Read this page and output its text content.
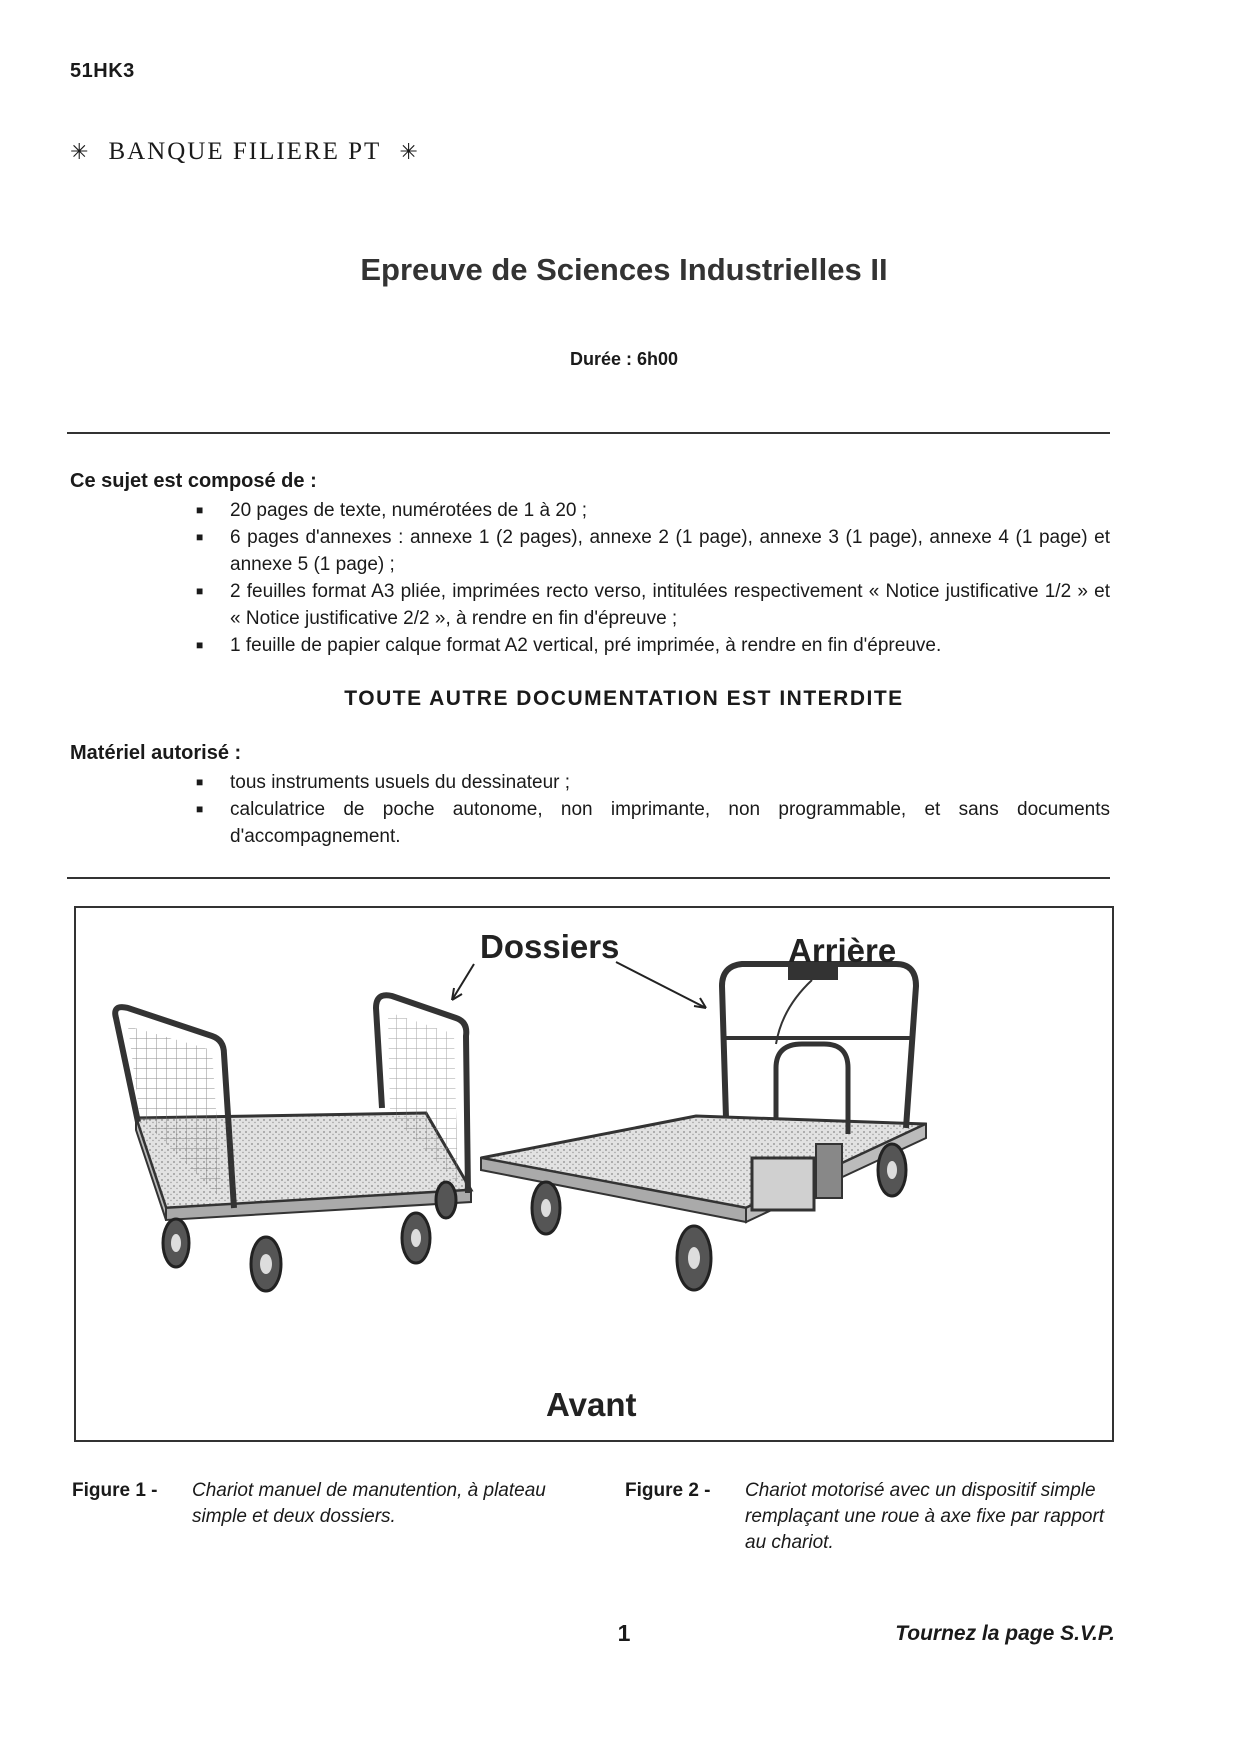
51HK3
✳ BANQUE FILIERE PT ✳
Epreuve de Sciences Industrielles II
Durée : 6h00
Ce sujet est composé de :
■ 20 pages de texte, numérotées de 1 à 20 ;
■ 6 pages d'annexes : annexe 1 (2 pages), annexe 2 (1 page), annexe 3 (1 page), annexe 4 (1 page) et annexe 5 (1 page) ;
■ 2 feuilles format A3 pliée, imprimées recto verso, intitulées respectivement « Notice justificative 1/2 » et « Notice justificative 2/2 », à rendre en fin d'épreuve ;
■ 1 feuille de papier calque format A2 vertical, pré imprimée, à rendre en fin d'épreuve.
TOUTE AUTRE DOCUMENTATION EST INTERDITE
Matériel autorisé :
■ tous instruments usuels du dessinateur ;
■ calculatrice de poche autonome, non imprimante, non programmable, et sans documents d'accompagnement.
Dossiers	Arrière
Avant
Figure 1 -	Chariot manuel de manutention, à plateau simple et deux dossiers.
Figure 2 -	Chariot motorisé avec un dispositif simple remplaçant une roue à axe fixe par rapport au chariot.
1	Tournez la page S.V.P.
